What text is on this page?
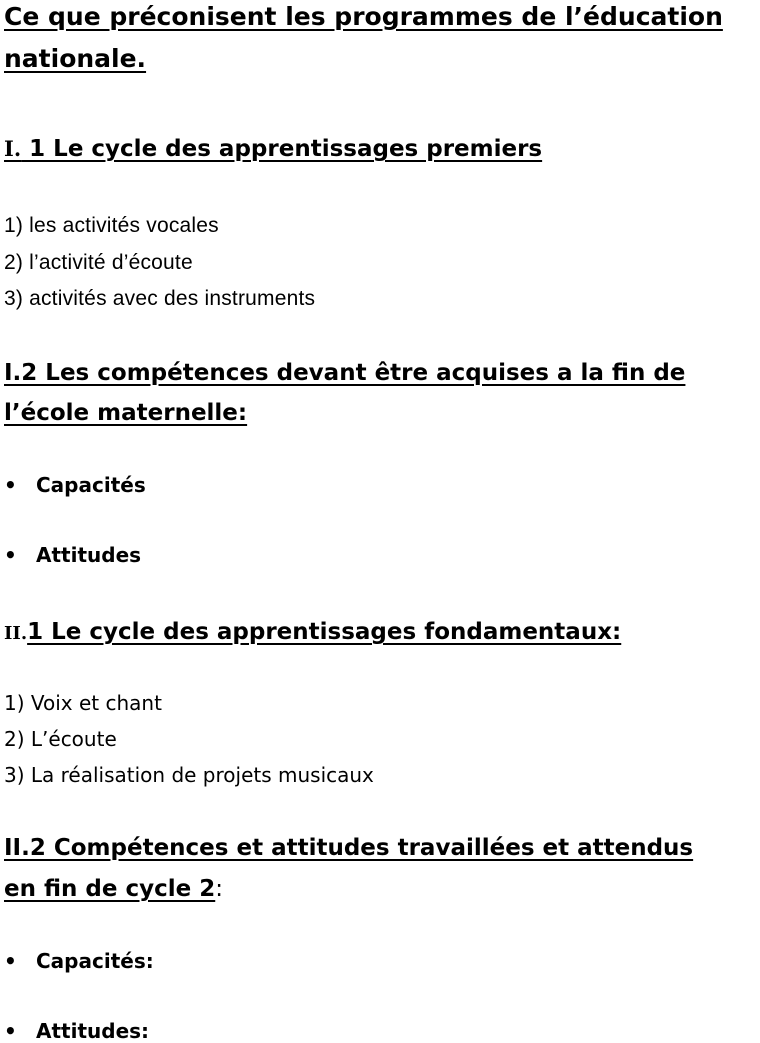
Ce que préconisent les programmes de l’éducation
nationale.
I. 1 Le cycle des apprentissages premiers
1) les activités vocales
2) l’activité d’écoute
3) activités avec des instruments
I.2 Les compétences devant être acquises a la fin de
l’école maternelle:
• Capacités
• Attitudes
II.1 Le cycle des apprentissages fondamentaux:
1) Voix et chant
2) L’écoute
3) La réalisation de projets musicaux
II.2 Compétences et attitudes travaillées et attendus
en fin de cycle 2:
• Capacités:
• Attitudes:
